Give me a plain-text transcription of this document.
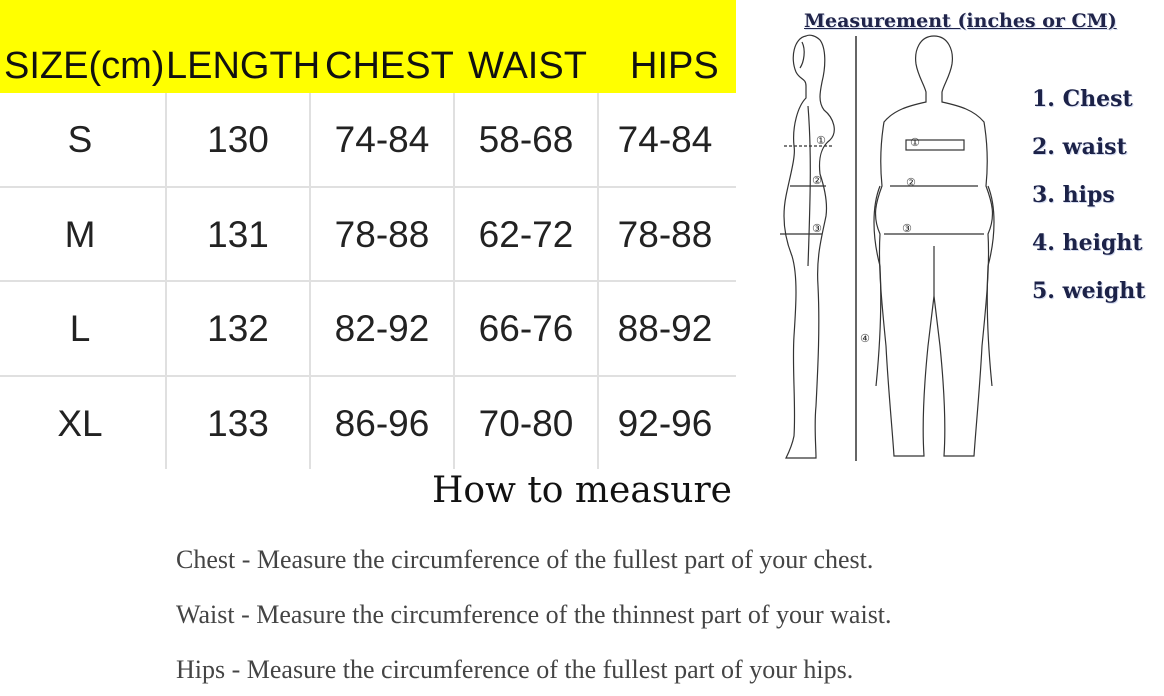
SIZE(cm) LENGTH CHEST WAIST HIPS
S	130	74-84	58-68	74-84
M	131	78-88	62-72	78-88
L	132	82-92	66-76	88-92
XL	133	86-96	70-80	92-96
①
②
③
④
①
②
③
Measurement (inches or CM)
1. Chest
2. waist
3. hips
4. height
5. weight
How to measure
Chest - Measure the circumference of the fullest part of your chest.
Waist - Measure the circumference of the thinnest part of your waist.
Hips - Measure the circumference of the fullest part of your hips.
